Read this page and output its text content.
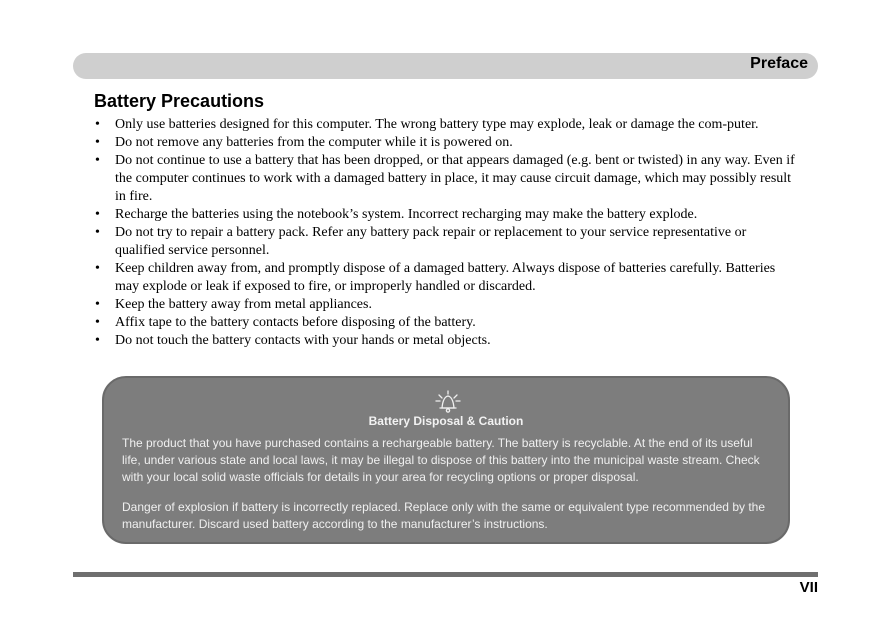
Preface
Battery Precautions
• Only use batteries designed for this computer. The wrong battery type may explode, leak or damage the com-puter.
• Do not remove any batteries from the computer while it is powered on.
• Do not continue to use a battery that has been dropped, or that appears damaged (e.g. bent or twisted) in any way. Even if the computer continues to work with a damaged battery in place, it may cause circuit damage, which may possibly result in fire.
• Recharge the batteries using the notebook’s system. Incorrect recharging may make the battery explode.
• Do not try to repair a battery pack. Refer any battery pack repair or replacement to your service representative or qualified service personnel.
• Keep children away from, and promptly dispose of a damaged battery. Always dispose of batteries carefully. Batteries may explode or leak if exposed to fire, or improperly handled or discarded.
• Keep the battery away from metal appliances.
• Affix tape to the battery contacts before disposing of the battery.
• Do not touch the battery contacts with your hands or metal objects.
Battery Disposal & Caution

The product that you have purchased contains a rechargeable battery. The battery is recyclable. At the end of its useful life, under various state and local laws, it may be illegal to dispose of this battery into the municipal waste stream. Check with your local solid waste officials for details in your area for recycling options or proper disposal.

Danger of explosion if battery is incorrectly replaced. Replace only with the same or equivalent type recommended by the manufacturer. Discard used battery according to the manufacturer’s instructions.

VII
